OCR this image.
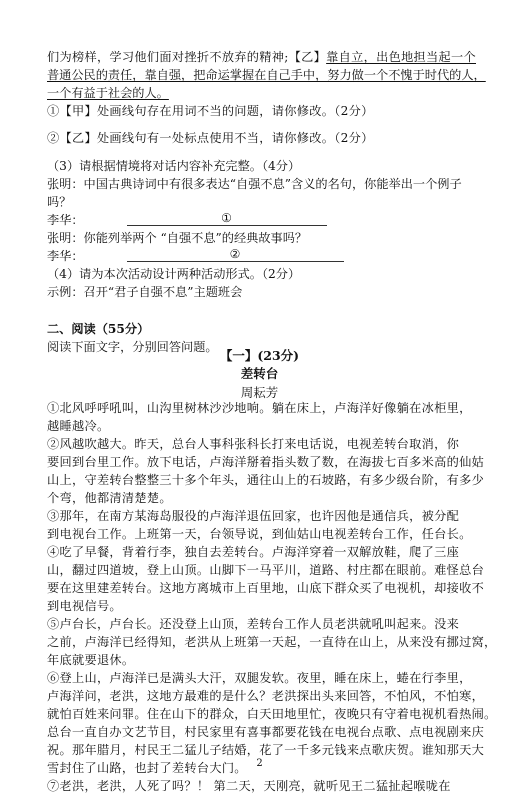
们为榜样，学习他们面对挫折不放弃的精神;【乙】靠自立，出色地担当起一个
普通公民的责任，靠自强，把命运掌握在自己手中，努力做一个不愧于时代的人，
一个有益于社会的人。
①【甲】处画线句存在用词不当的问题，请你修改。（2分）
②【乙】处画线句有一处标点使用不当，请你修改。（2分）
（3）请根据情境将对话内容补充完整。（4分）
张明：中国古典诗词中有很多表达“自强不息”含义的名句，你能举出一个例子
吗？
李华：	①
张明：你能列举两个 “自强不息”的经典故事吗？
李华：	②
（4）请为本次活动设计两种活动形式。（2分）
示例：召开“君子自强不息”主题班会
二、阅读（55分）
阅读下面文字，分别回答问题。
【一】(23分)
差转台
周耘芳
①北风呼呼吼叫，山沟里树林沙沙地响。躺在床上，卢海洋好像躺在冰柜里，
越睡越冷。
②风越吹越大。昨天，总台人事科张科长打来电话说，电视差转台取消，你
要回到台里工作。放下电话，卢海洋掰着指头数了数，在海拔七百多米高的仙姑
山上，守差转台整整三十多个年头，通往山上的石坡路，有多少级台阶，有多少
个弯，他都清清楚楚。
③那年，在南方某海岛服役的卢海洋退伍回家，也许因他是通信兵，被分配
到电视台工作。上班第一天，台领导说，到仙姑山电视差转台工作，任台长。
④吃了早餐，背着行李，独自去差转台。卢海洋穿着一双解放鞋，爬了三座
山，翻过四道坡，登上山顶。山脚下一马平川，道路、村庄都在眼前。难怪总台
要在这里建差转台。这地方离城市上百里地，山底下群众买了电视机，却接收不
到电视信号。
⑤卢台长，卢台长。还没登上山顶，差转台工作人员老洪就吼叫起来。没来
之前，卢海洋已经得知，老洪从上班第一天起，一直待在山上，从来没有挪过窝，
年底就要退休。
⑥登上山，卢海洋已是满头大汗，双腿发软。夜里，睡在床上，蜷在行李里，
卢海洋问，老洪，这地方最难的是什么？老洪探出头来回答，不怕风，不怕寒，
就怕百姓来问罪。住在山下的群众，白天田地里忙，夜晚只有守着电视机看热闹。
总台一直自办文艺节目，村民家里有喜事都要花钱在电视台点歌、点电视剧来庆
祝。那年腊月，村民王二猛儿子结婚，花了一千多元钱来点歌庆贺。谁知那天大
雪封住了山路，也封了差转台大门。
⑦老洪，老洪，人死了吗？！ 第二天，天刚亮，就听见王二猛扯起喉咙在
2
